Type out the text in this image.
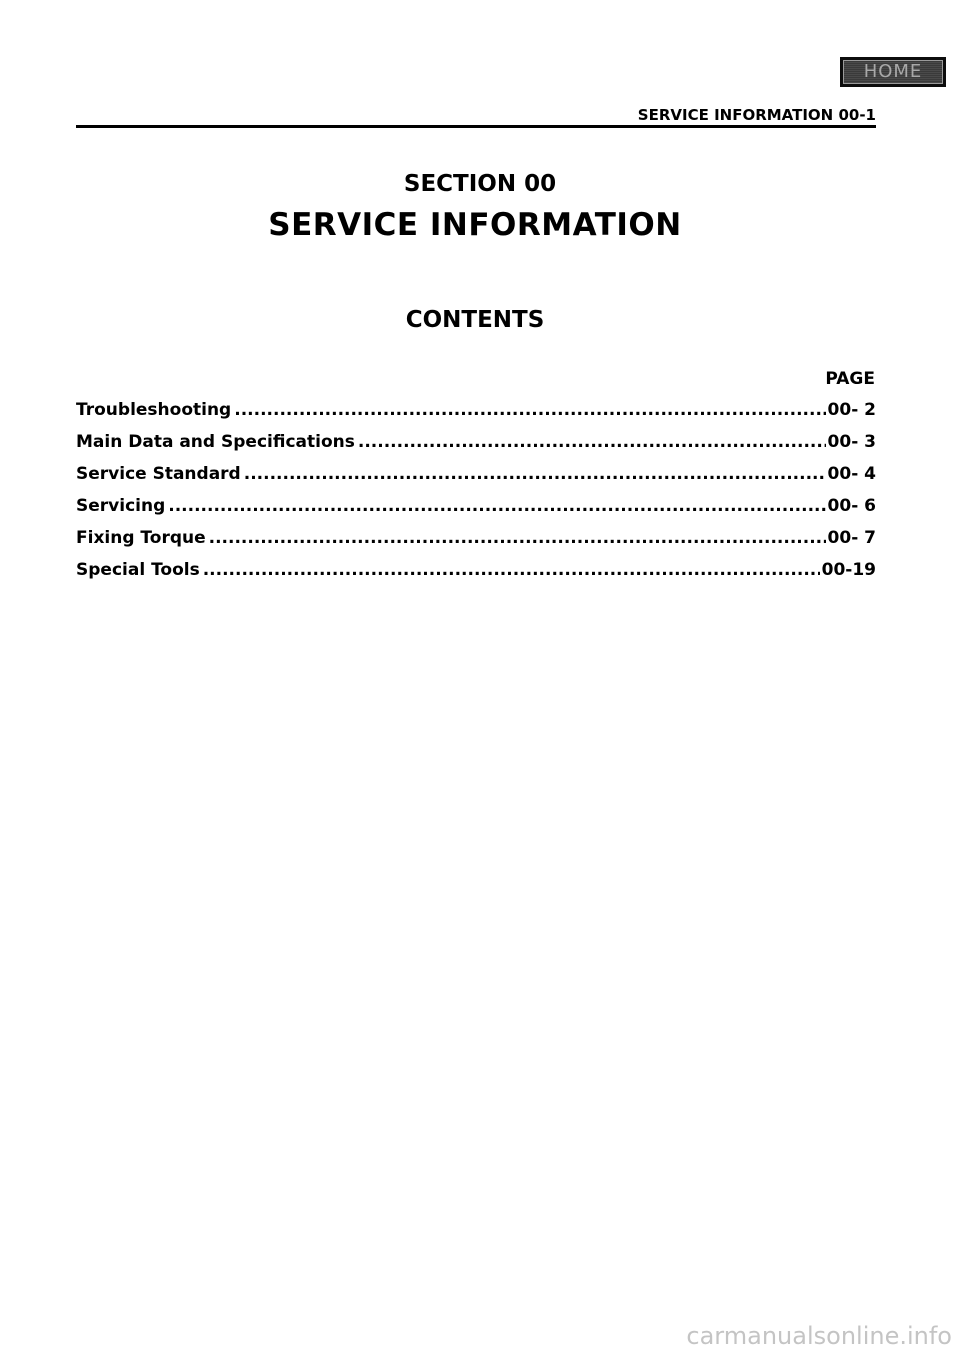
HOME
SERVICE INFORMATION 00-1
SECTION 00
SERVICE INFORMATION
CONTENTS
PAGE
Troubleshooting .....	00- 2
Main Data and Specifications .....	00- 3
Service Standard .....	00- 4
Servicing .....	00- 6
Fixing Torque .....	00- 7
Special Tools .....	00-19
carmanualsonline.info
